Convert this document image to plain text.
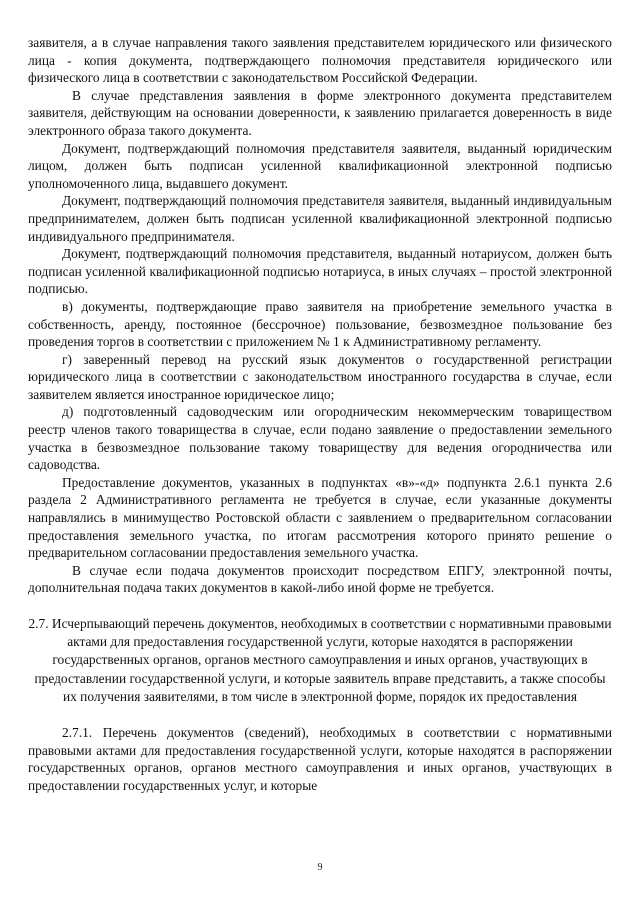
заявителя, а в случае направления такого заявления представителем юридического или физического лица - копия документа, подтверждающего полномочия представителя юридического или физического лица в соответствии с законодательством Российской Федерации.

В случае представления заявления в форме электронного документа представителем заявителя, действующим на основании доверенности, к заявлению прилагается доверенность в виде электронного образа такого документа.

Документ, подтверждающий полномочия представителя заявителя, выданный юридическим лицом, должен быть подписан усиленной квалификационной электронной подписью уполномоченного лица, выдавшего документ.

Документ, подтверждающий полномочия представителя заявителя, выданный индивидуальным предпринимателем, должен быть подписан усиленной квалификационной электронной подписью индивидуального предпринимателя.

Документ, подтверждающий полномочия представителя, выданный нотариусом, должен быть подписан усиленной квалификационной подписью нотариуса, в иных случаях – простой электронной подписью.

в) документы, подтверждающие право заявителя на приобретение земельного участка в собственность, аренду, постоянное (бессрочное) пользование, безвозмездное пользование без проведения торгов в соответствии с приложением № 1 к Административному регламенту.

г) заверенный перевод на русский язык документов о государственной регистрации юридического лица в соответствии с законодательством иностранного государства в случае, если заявителем является иностранное юридическое лицо;

д) подготовленный садоводческим или огородническим некоммерческим товариществом реестр членов такого товарищества в случае, если подано заявление о предоставлении земельного участка в безвозмездное пользование такому товариществу для ведения огородничества или садоводства.

Предоставление документов, указанных в подпунктах «в»-«д» подпункта 2.6.1 пункта 2.6 раздела 2 Административного регламента не требуется в случае, если указанные документы направлялись в минимущество Ростовской области с заявлением о предварительном согласовании предоставления земельного участка, по итогам рассмотрения которого принято решение о предварительном согласовании предоставления земельного участка.

В случае если подача документов происходит посредством ЕПГУ, электронной почты, дополнительная подача таких документов в какой-либо иной форме не требуется.

2.7. Исчерпывающий перечень документов, необходимых в соответствии с нормативными правовыми актами для предоставления государственной услуги, которые находятся в распоряжении государственных органов, органов местного самоуправления и иных органов, участвующих в предоставлении государственной услуги, и которые заявитель вправе представить, а также способы их получения заявителями, в том числе в электронной форме, порядок их предоставления

2.7.1. Перечень документов (сведений), необходимых в соответствии с нормативными правовыми актами для предоставления государственной услуги, которые находятся в распоряжении государственных органов, органов местного самоуправления и иных органов, участвующих в предоставлении государственных услуг, и которые

9
